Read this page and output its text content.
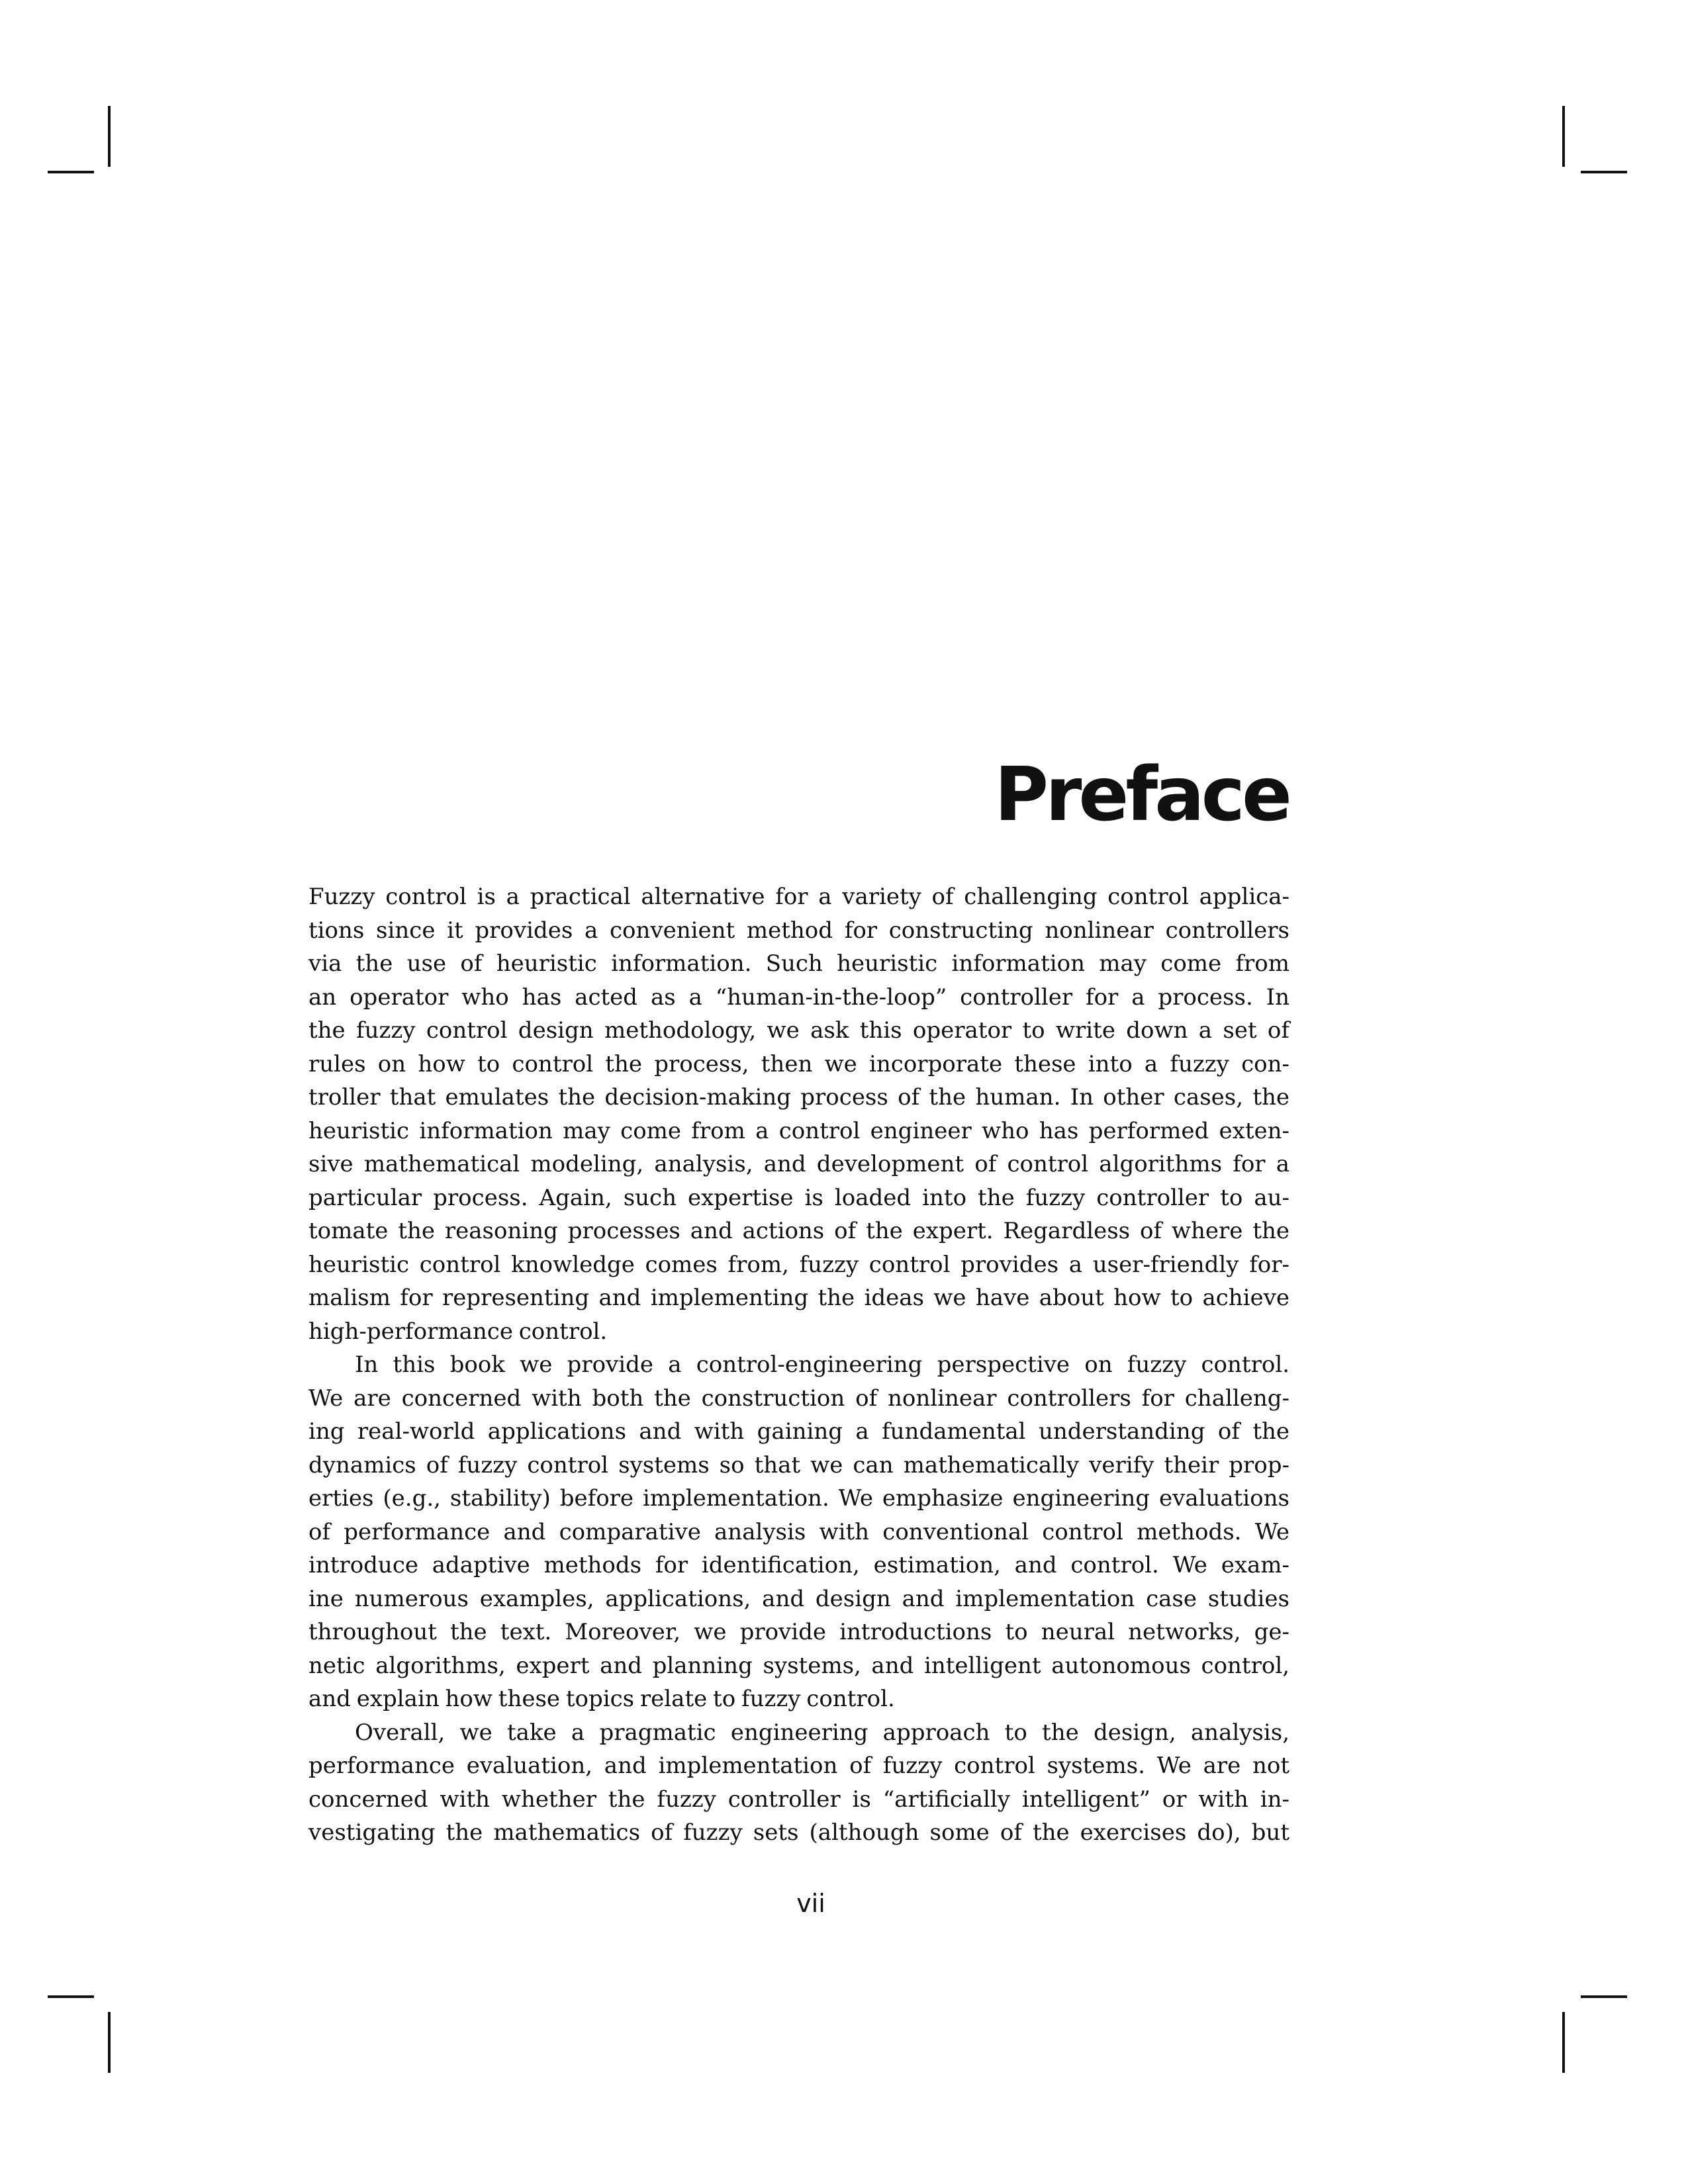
Preface
Fuzzy control is a practical alternative for a variety of challenging control applica-
tions since it provides a convenient method for constructing nonlinear controllers
via the use of heuristic information. Such heuristic information may come from
an operator who has acted as a “human-in-the-loop” controller for a process. In
the fuzzy control design methodology, we ask this operator to write down a set of
rules on how to control the process, then we incorporate these into a fuzzy con-
troller that emulates the decision-making process of the human. In other cases, the
heuristic information may come from a control engineer who has performed exten-
sive mathematical modeling, analysis, and development of control algorithms for a
particular process. Again, such expertise is loaded into the fuzzy controller to au-
tomate the reasoning processes and actions of the expert. Regardless of where the
heuristic control knowledge comes from, fuzzy control provides a user-friendly for-
malism for representing and implementing the ideas we have about how to achieve
high-performance control.
In this book we provide a control-engineering perspective on fuzzy control.
We are concerned with both the construction of nonlinear controllers for challeng-
ing real-world applications and with gaining a fundamental understanding of the
dynamics of fuzzy control systems so that we can mathematically verify their prop-
erties (e.g., stability) before implementation. We emphasize engineering evaluations
of performance and comparative analysis with conventional control methods. We
introduce adaptive methods for identification, estimation, and control. We exam-
ine numerous examples, applications, and design and implementation case studies
throughout the text. Moreover, we provide introductions to neural networks, ge-
netic algorithms, expert and planning systems, and intelligent autonomous control,
and explain how these topics relate to fuzzy control.
Overall, we take a pragmatic engineering approach to the design, analysis,
performance evaluation, and implementation of fuzzy control systems. We are not
concerned with whether the fuzzy controller is “artificially intelligent” or with in-
vestigating the mathematics of fuzzy sets (although some of the exercises do), but
vii
